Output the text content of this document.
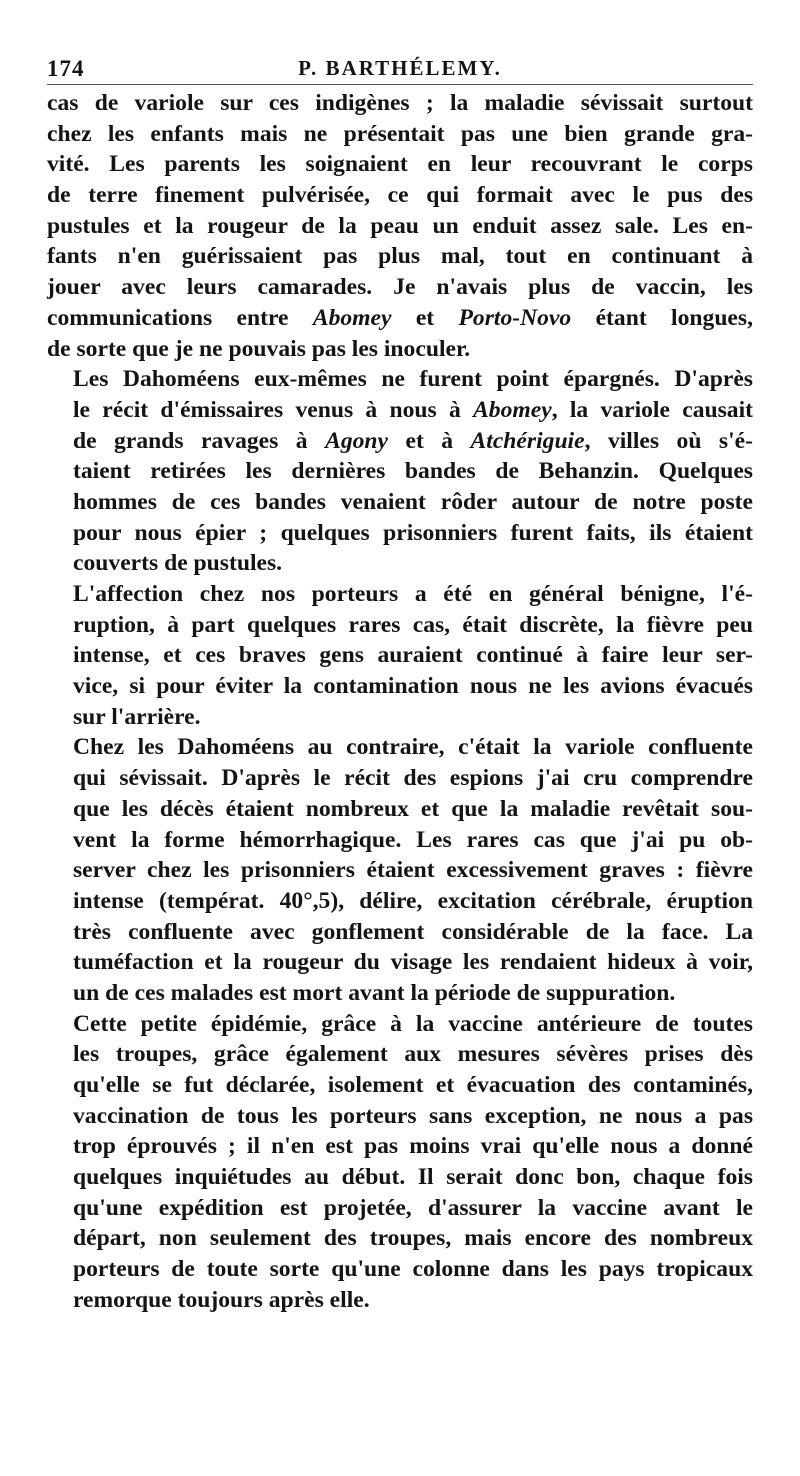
174	P. BARTHÉLEMY.
cas de variole sur ces indigènes ; la maladie sévissait surtout
chez les enfants mais ne présentait pas une bien grande gra-
vité. Les parents les soignaient en leur recouvrant le corps
de terre finement pulvérisée, ce qui formait avec le pus des
pustules et la rougeur de la peau un enduit assez sale. Les en-
fants n'en guérissaient pas plus mal, tout en continuant à
jouer avec leurs camarades. Je n'avais plus de vaccin, les
communications entre Abomey et Porto-Novo étant longues,
de sorte que je ne pouvais pas les inoculer.
Les Dahoméens eux-mêmes ne furent point épargnés. D'après
le récit d'émissaires venus à nous à Abomey, la variole causait
de grands ravages à Agony et à Atchériguie, villes où s'é-
taient retirées les dernières bandes de Behanzin. Quelques
hommes de ces bandes venaient rôder autour de notre poste
pour nous épier ; quelques prisonniers furent faits, ils étaient
couverts de pustules.
L'affection chez nos porteurs a été en général bénigne, l'é-
ruption, à part quelques rares cas, était discrète, la fièvre peu
intense, et ces braves gens auraient continué à faire leur ser-
vice, si pour éviter la contamination nous ne les avions évacués
sur l'arrière.
Chez les Dahoméens au contraire, c'était la variole confluente
qui sévissait. D'après le récit des espions j'ai cru comprendre
que les décès étaient nombreux et que la maladie revêtait sou-
vent la forme hémorrhagique. Les rares cas que j'ai pu ob-
server chez les prisonniers étaient excessivement graves : fièvre
intense (températ. 40°,5), délire, excitation cérébrale, éruption
très confluente avec gonflement considérable de la face. La
tuméfaction et la rougeur du visage les rendaient hideux à voir,
un de ces malades est mort avant la période de suppuration.
Cette petite épidémie, grâce à la vaccine antérieure de toutes
les troupes, grâce également aux mesures sévères prises dès
qu'elle se fut déclarée, isolement et évacuation des contaminés,
vaccination de tous les porteurs sans exception, ne nous a pas
trop éprouvés ; il n'en est pas moins vrai qu'elle nous a donné
quelques inquiétudes au début. Il serait donc bon, chaque fois
qu'une expédition est projetée, d'assurer la vaccine avant le
départ, non seulement des troupes, mais encore des nombreux
porteurs de toute sorte qu'une colonne dans les pays tropicaux
remorque toujours après elle.
